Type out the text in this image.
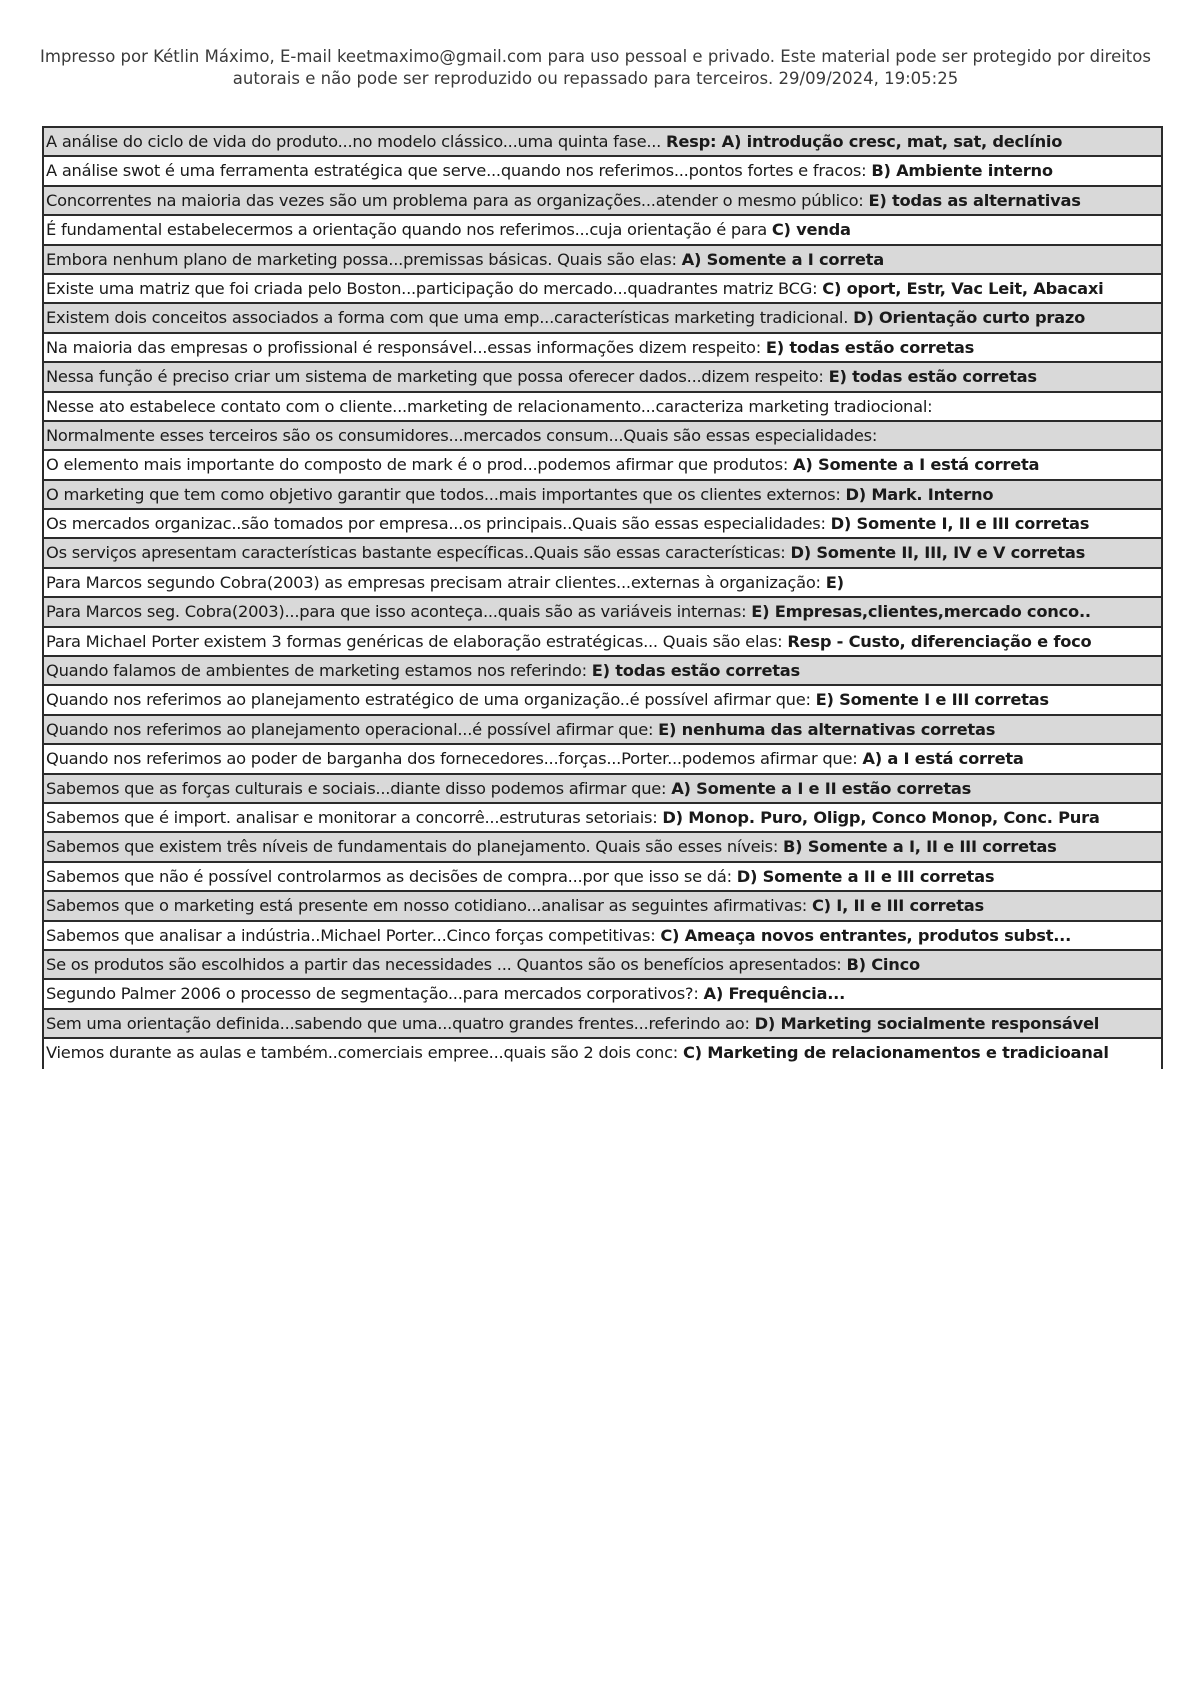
Impresso por Kétlin Máximo, E-mail keetmaximo@gmail.com para uso pessoal e privado. Este material pode ser protegido por direitos
autorais e não pode ser reproduzido ou repassado para terceiros. 29/09/2024, 19:05:25
A análise do ciclo de vida do produto...no modelo clássico...uma quinta fase... Resp: A) introdução cresc, mat, sat, declínio
A análise swot é uma ferramenta estratégica que serve...quando nos referimos...pontos fortes e fracos: B) Ambiente interno
Concorrentes na maioria das vezes são um problema para as organizações...atender o mesmo público: E) todas as alternativas
É fundamental estabelecermos a orientação quando nos referimos...cuja orientação é para C) venda
Embora nenhum plano de marketing possa...premissas básicas. Quais são elas: A) Somente a I correta
Existe uma matriz que foi criada pelo Boston...participação do mercado...quadrantes matriz BCG: C) oport, Estr, Vac Leit, Abacaxi
Existem dois conceitos associados a forma com que uma emp...características marketing tradicional. D) Orientação curto prazo
Na maioria das empresas o profissional é responsável...essas informações dizem respeito: E) todas estão corretas
Nessa função é preciso criar um sistema de marketing que possa oferecer dados...dizem respeito: E) todas estão corretas
Nesse ato estabelece contato com o cliente...marketing de relacionamento...caracteriza marketing tradiocional:
Normalmente esses terceiros são os consumidores...mercados consum...Quais são essas especialidades:
O elemento mais importante do composto de mark é o prod...podemos afirmar que produtos: A) Somente a I está correta
O marketing que tem como objetivo garantir que todos...mais importantes que os clientes externos: D) Mark. Interno
Os mercados organizac..são tomados por empresa...os principais..Quais são essas especialidades: D) Somente I, II e III corretas
Os serviços apresentam características bastante específicas..Quais são essas características: D) Somente II, III, IV e V corretas
Para Marcos segundo Cobra(2003) as empresas precisam atrair clientes...externas à organização: E)
Para Marcos seg. Cobra(2003)...para que isso aconteça...quais são as variáveis internas: E) Empresas,clientes,mercado conco..
Para Michael Porter existem 3 formas genéricas de elaboração estratégicas... Quais são elas: Resp - Custo, diferenciação e foco
Quando falamos de ambientes de marketing estamos nos referindo: E) todas estão corretas
Quando nos referimos ao planejamento estratégico de uma organização..é possível afirmar que: E) Somente I e III corretas
Quando nos referimos ao planejamento operacional...é possível afirmar que: E) nenhuma das alternativas corretas
Quando nos referimos ao poder de barganha dos fornecedores...forças...Porter...podemos afirmar que: A) a I está correta
Sabemos que as forças culturais e sociais...diante disso podemos afirmar que: A) Somente a I e II estão corretas
Sabemos que é import. analisar e monitorar a concorrê...estruturas setoriais: D) Monop. Puro, Oligp, Conco Monop, Conc. Pura
Sabemos que existem três níveis de fundamentais do planejamento. Quais são esses níveis: B) Somente a I, II e III corretas
Sabemos que não é possível controlarmos as decisões de compra...por que isso se dá: D) Somente a II e III corretas
Sabemos que o marketing está presente em nosso cotidiano...analisar as seguintes afirmativas: C) I, II e III corretas
Sabemos que analisar a indústria..Michael Porter...Cinco forças competitivas: C) Ameaça novos entrantes, produtos subst...
Se os produtos são escolhidos a partir das necessidades ... Quantos são os benefícios apresentados: B) Cinco
Segundo Palmer 2006 o processo de segmentação...para mercados corporativos?: A) Frequência...
Sem uma orientação definida...sabendo que uma...quatro grandes frentes...referindo ao: D) Marketing socialmente responsável
Viemos durante as aulas e também..comerciais empree...quais são 2 dois conc: C) Marketing de relacionamentos e tradicioanal
